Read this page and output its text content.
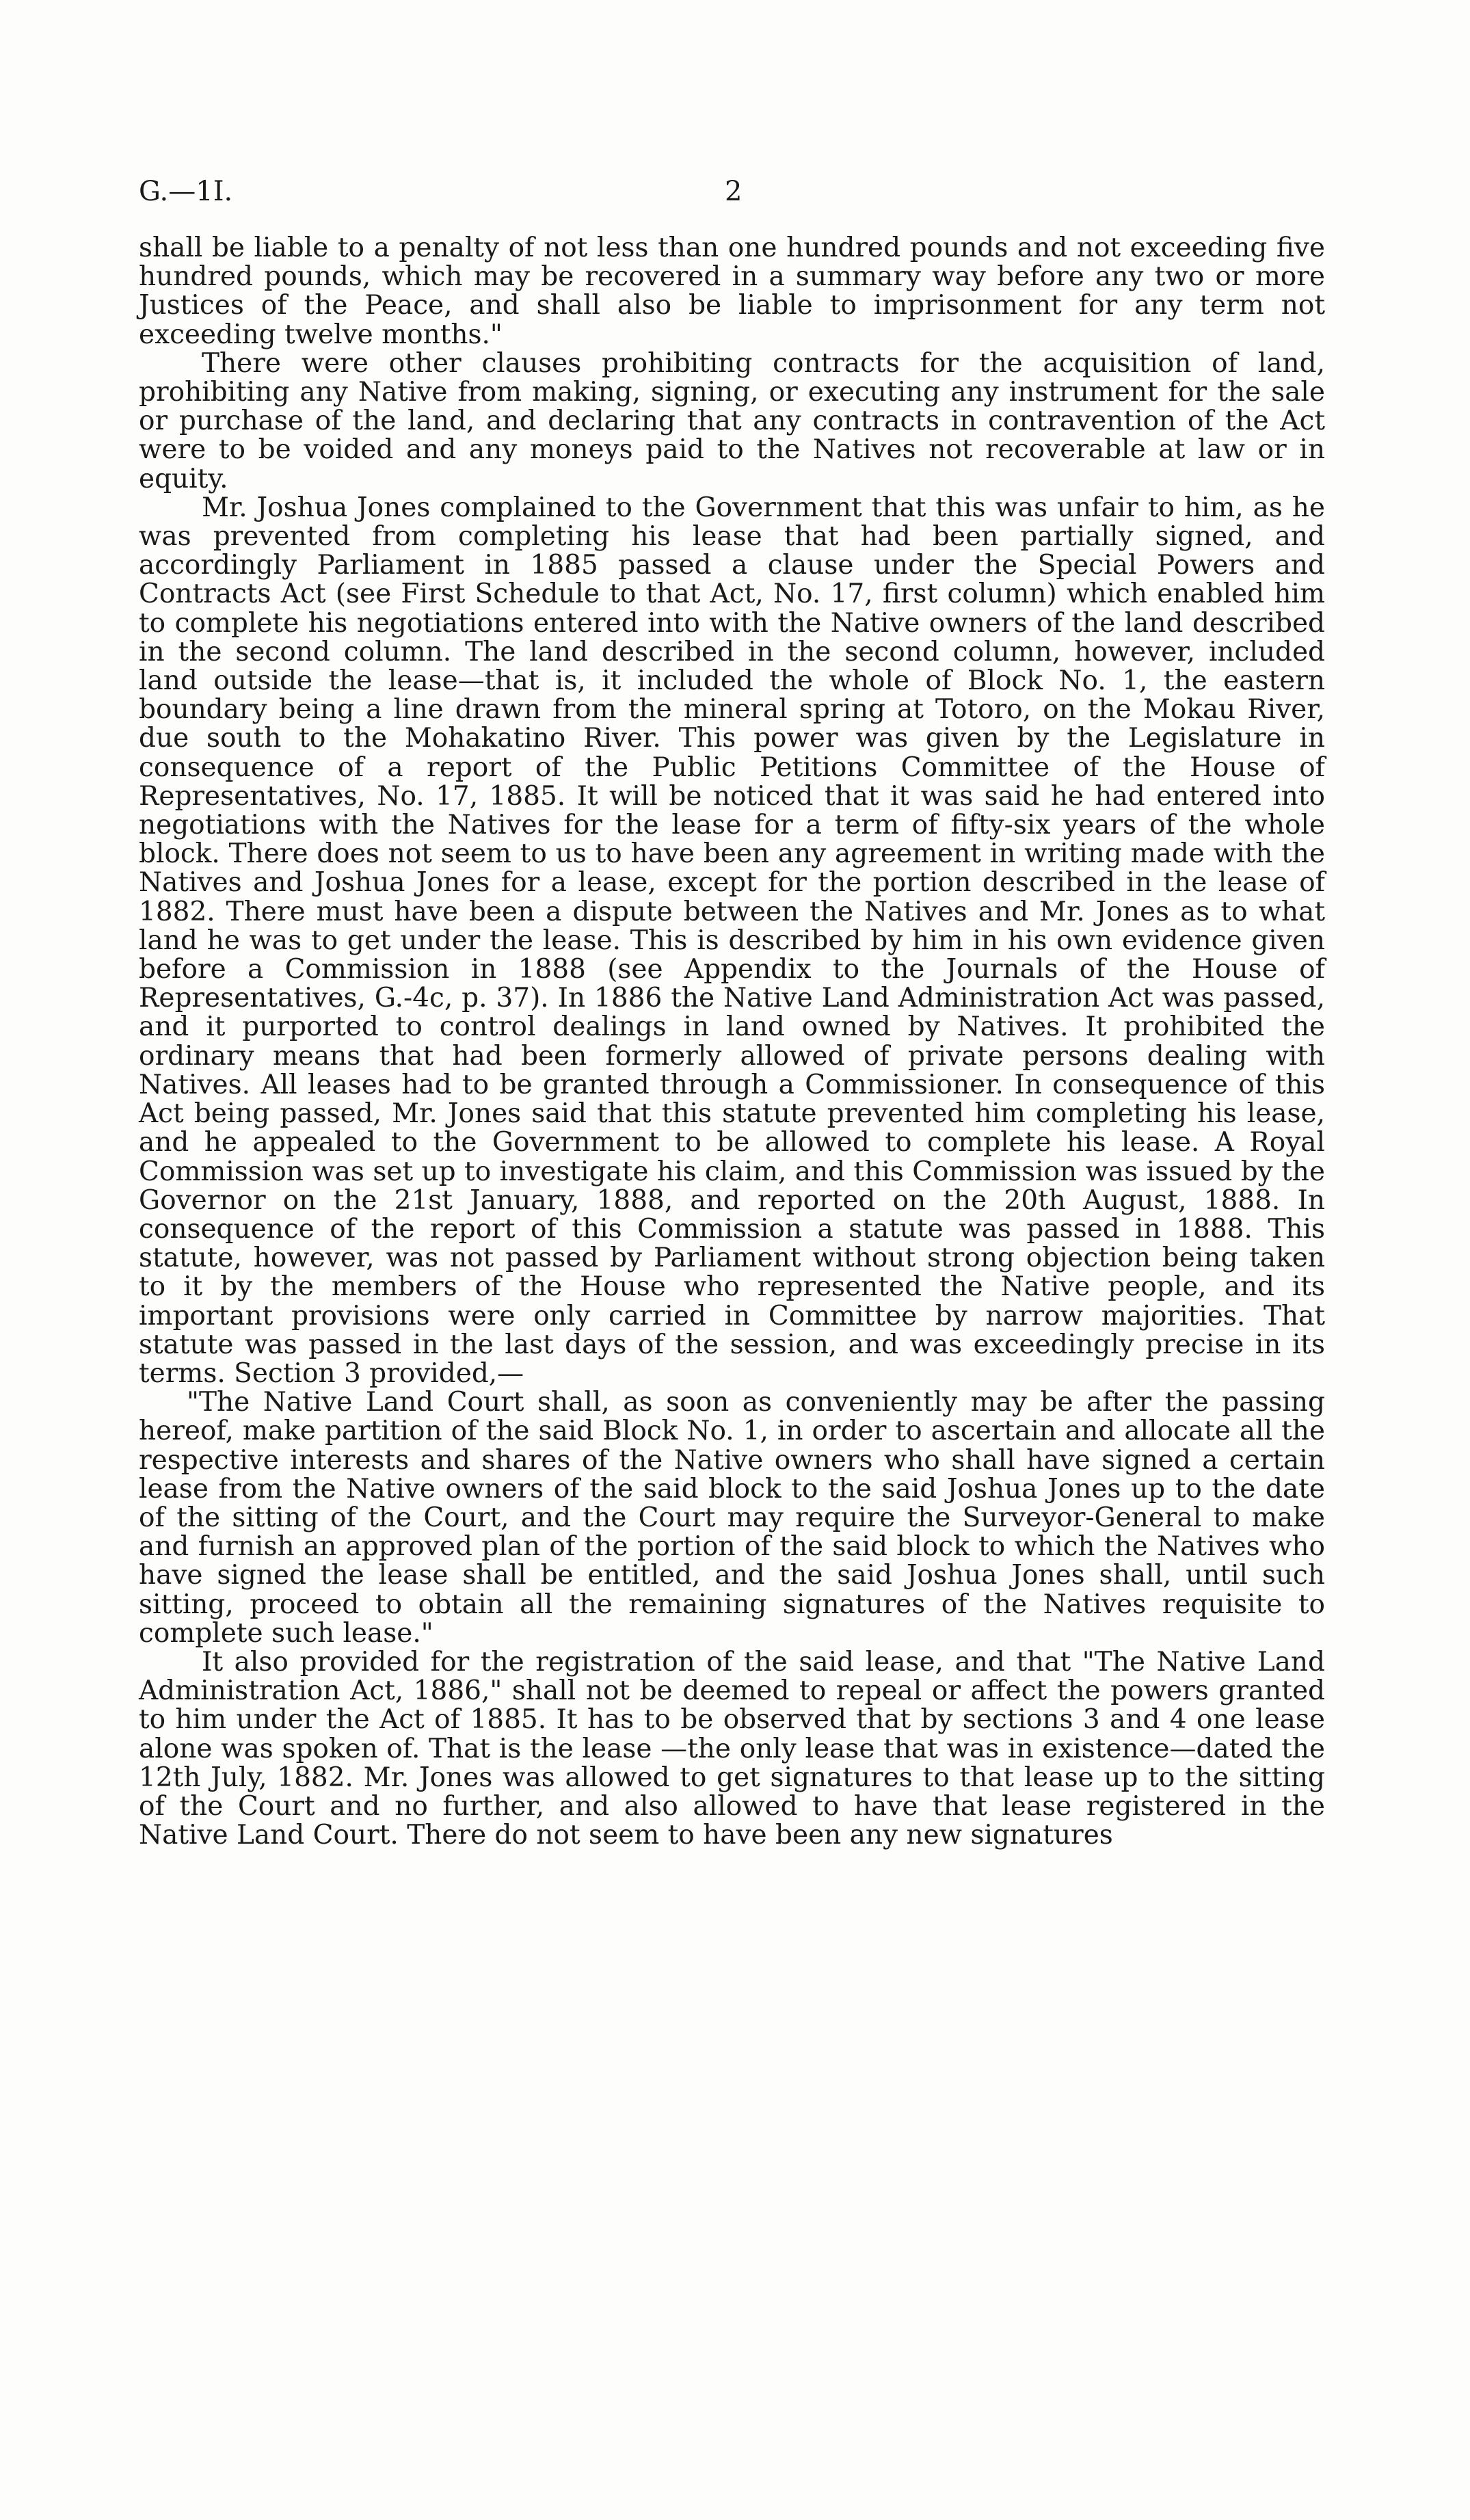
G.—1I.	2

shall be liable to a penalty of not less than one hundred pounds and not exceeding five hundred pounds, which may be recovered in a summary way before any two or more Justices of the Peace, and shall also be liable to imprisonment for any term not exceeding twelve months."

There were other clauses prohibiting contracts for the acquisition of land, prohibiting any Native from making, signing, or executing any instrument for the sale or purchase of the land, and declaring that any contracts in contravention of the Act were to be voided and any moneys paid to the Natives not recoverable at law or in equity.

Mr. Joshua Jones complained to the Government that this was unfair to him, as he was prevented from completing his lease that had been partially signed, and accordingly Parliament in 1885 passed a clause under the Special Powers and Contracts Act (see First Schedule to that Act, No. 17, first column) which enabled him to complete his negotiations entered into with the Native owners of the land described in the second column. The land described in the second column, however, included land outside the lease—that is, it included the whole of Block No. 1, the eastern boundary being a line drawn from the mineral spring at Totoro, on the Mokau River, due south to the Mohakatino River. This power was given by the Legislature in consequence of a report of the Public Petitions Committee of the House of Representatives, No. 17, 1885. It will be noticed that it was said he had entered into negotiations with the Natives for the lease for a term of fifty-six years of the whole block. There does not seem to us to have been any agreement in writing made with the Natives and Joshua Jones for a lease, except for the portion described in the lease of 1882. There must have been a dispute between the Natives and Mr. Jones as to what land he was to get under the lease. This is described by him in his own evidence given before a Commission in 1888 (see Appendix to the Journals of the House of Representatives, G.-4c, p. 37). In 1886 the Native Land Administration Act was passed, and it purported to control dealings in land owned by Natives. It prohibited the ordinary means that had been formerly allowed of private persons dealing with Natives. All leases had to be granted through a Commissioner. In consequence of this Act being passed, Mr. Jones said that this statute prevented him completing his lease, and he appealed to the Government to be allowed to complete his lease. A Royal Commission was set up to investigate his claim, and this Commission was issued by the Governor on the 21st January, 1888, and reported on the 20th August, 1888. In consequence of the report of this Commission a statute was passed in 1888. This statute, however, was not passed by Parliament without strong objection being taken to it by the members of the House who represented the Native people, and its important provisions were only carried in Committee by narrow majorities. That statute was passed in the last days of the session, and was exceedingly precise in its terms. Section 3 provided,—

"The Native Land Court shall, as soon as conveniently may be after the passing hereof, make partition of the said Block No. 1, in order to ascertain and allocate all the respective interests and shares of the Native owners who shall have signed a certain lease from the Native owners of the said block to the said Joshua Jones up to the date of the sitting of the Court, and the Court may require the Surveyor-General to make and furnish an approved plan of the portion of the said block to which the Natives who have signed the lease shall be entitled, and the said Joshua Jones shall, until such sitting, proceed to obtain all the remaining signatures of the Natives requisite to complete such lease."

It also provided for the registration of the said lease, and that "The Native Land Administration Act, 1886," shall not be deemed to repeal or affect the powers granted to him under the Act of 1885. It has to be observed that by sections 3 and 4 one lease alone was spoken of. That is the lease —the only lease that was in existence—dated the 12th July, 1882. Mr. Jones was allowed to get signatures to that lease up to the sitting of the Court and no further, and also allowed to have that lease registered in the Native Land Court. There do not seem to have been any new signatures
